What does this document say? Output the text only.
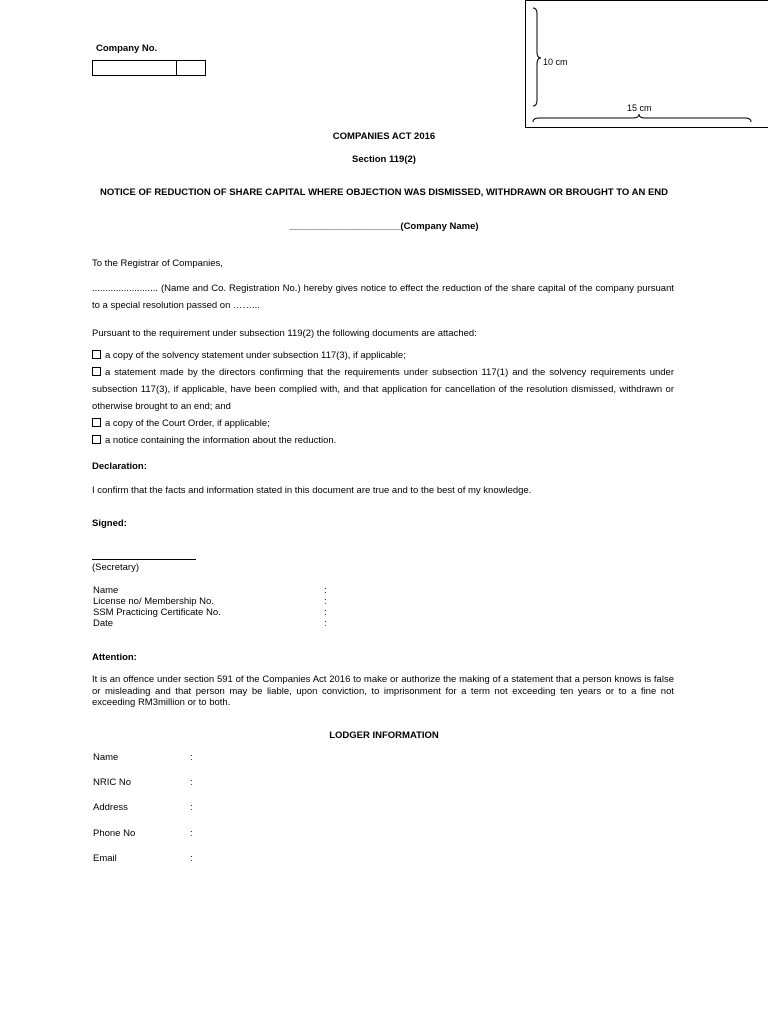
Company No.
10 cm
15 cm
COMPANIES ACT 2016
Section 119(2)
NOTICE OF REDUCTION OF SHARE CAPITAL WHERE OBJECTION WAS DISMISSED, WITHDRAWN OR BROUGHT TO AN END
_____________________(Company Name)
To the Registrar of Companies,
......................... (Name and Co. Registration No.) hereby gives notice to effect the reduction of the share capital of the company pursuant to a special resolution passed on ……...
Pursuant to the requirement under subsection 119(2) the following documents are attached:
a copy of the solvency statement under subsection 117(3), if applicable;
a statement made by the directors confirming that the requirements under subsection 117(1) and the solvency requirements under subsection 117(3), if applicable, have been complied with, and that application for cancellation of the resolution dismissed, withdrawn or otherwise brought to an end; and
a copy of the Court Order, if applicable;
a notice containing the information about the reduction.
Declaration:
I confirm that the facts and information stated in this document are true and to the best of my knowledge.
Signed:
(Secretary)
Name	:
License no/ Membership No.	:
SSM Practicing Certificate No.	:
Date	:
Attention:
It is an offence under section 591 of the Companies Act 2016 to make or authorize the making of a statement that a person knows is false or misleading and that person may be liable, upon conviction, to imprisonment for a term not exceeding ten years or to a fine not exceeding RM3million or to both.
LODGER INFORMATION
Name	:
NRIC No	:
Address	:
Phone No	:
Email	:
